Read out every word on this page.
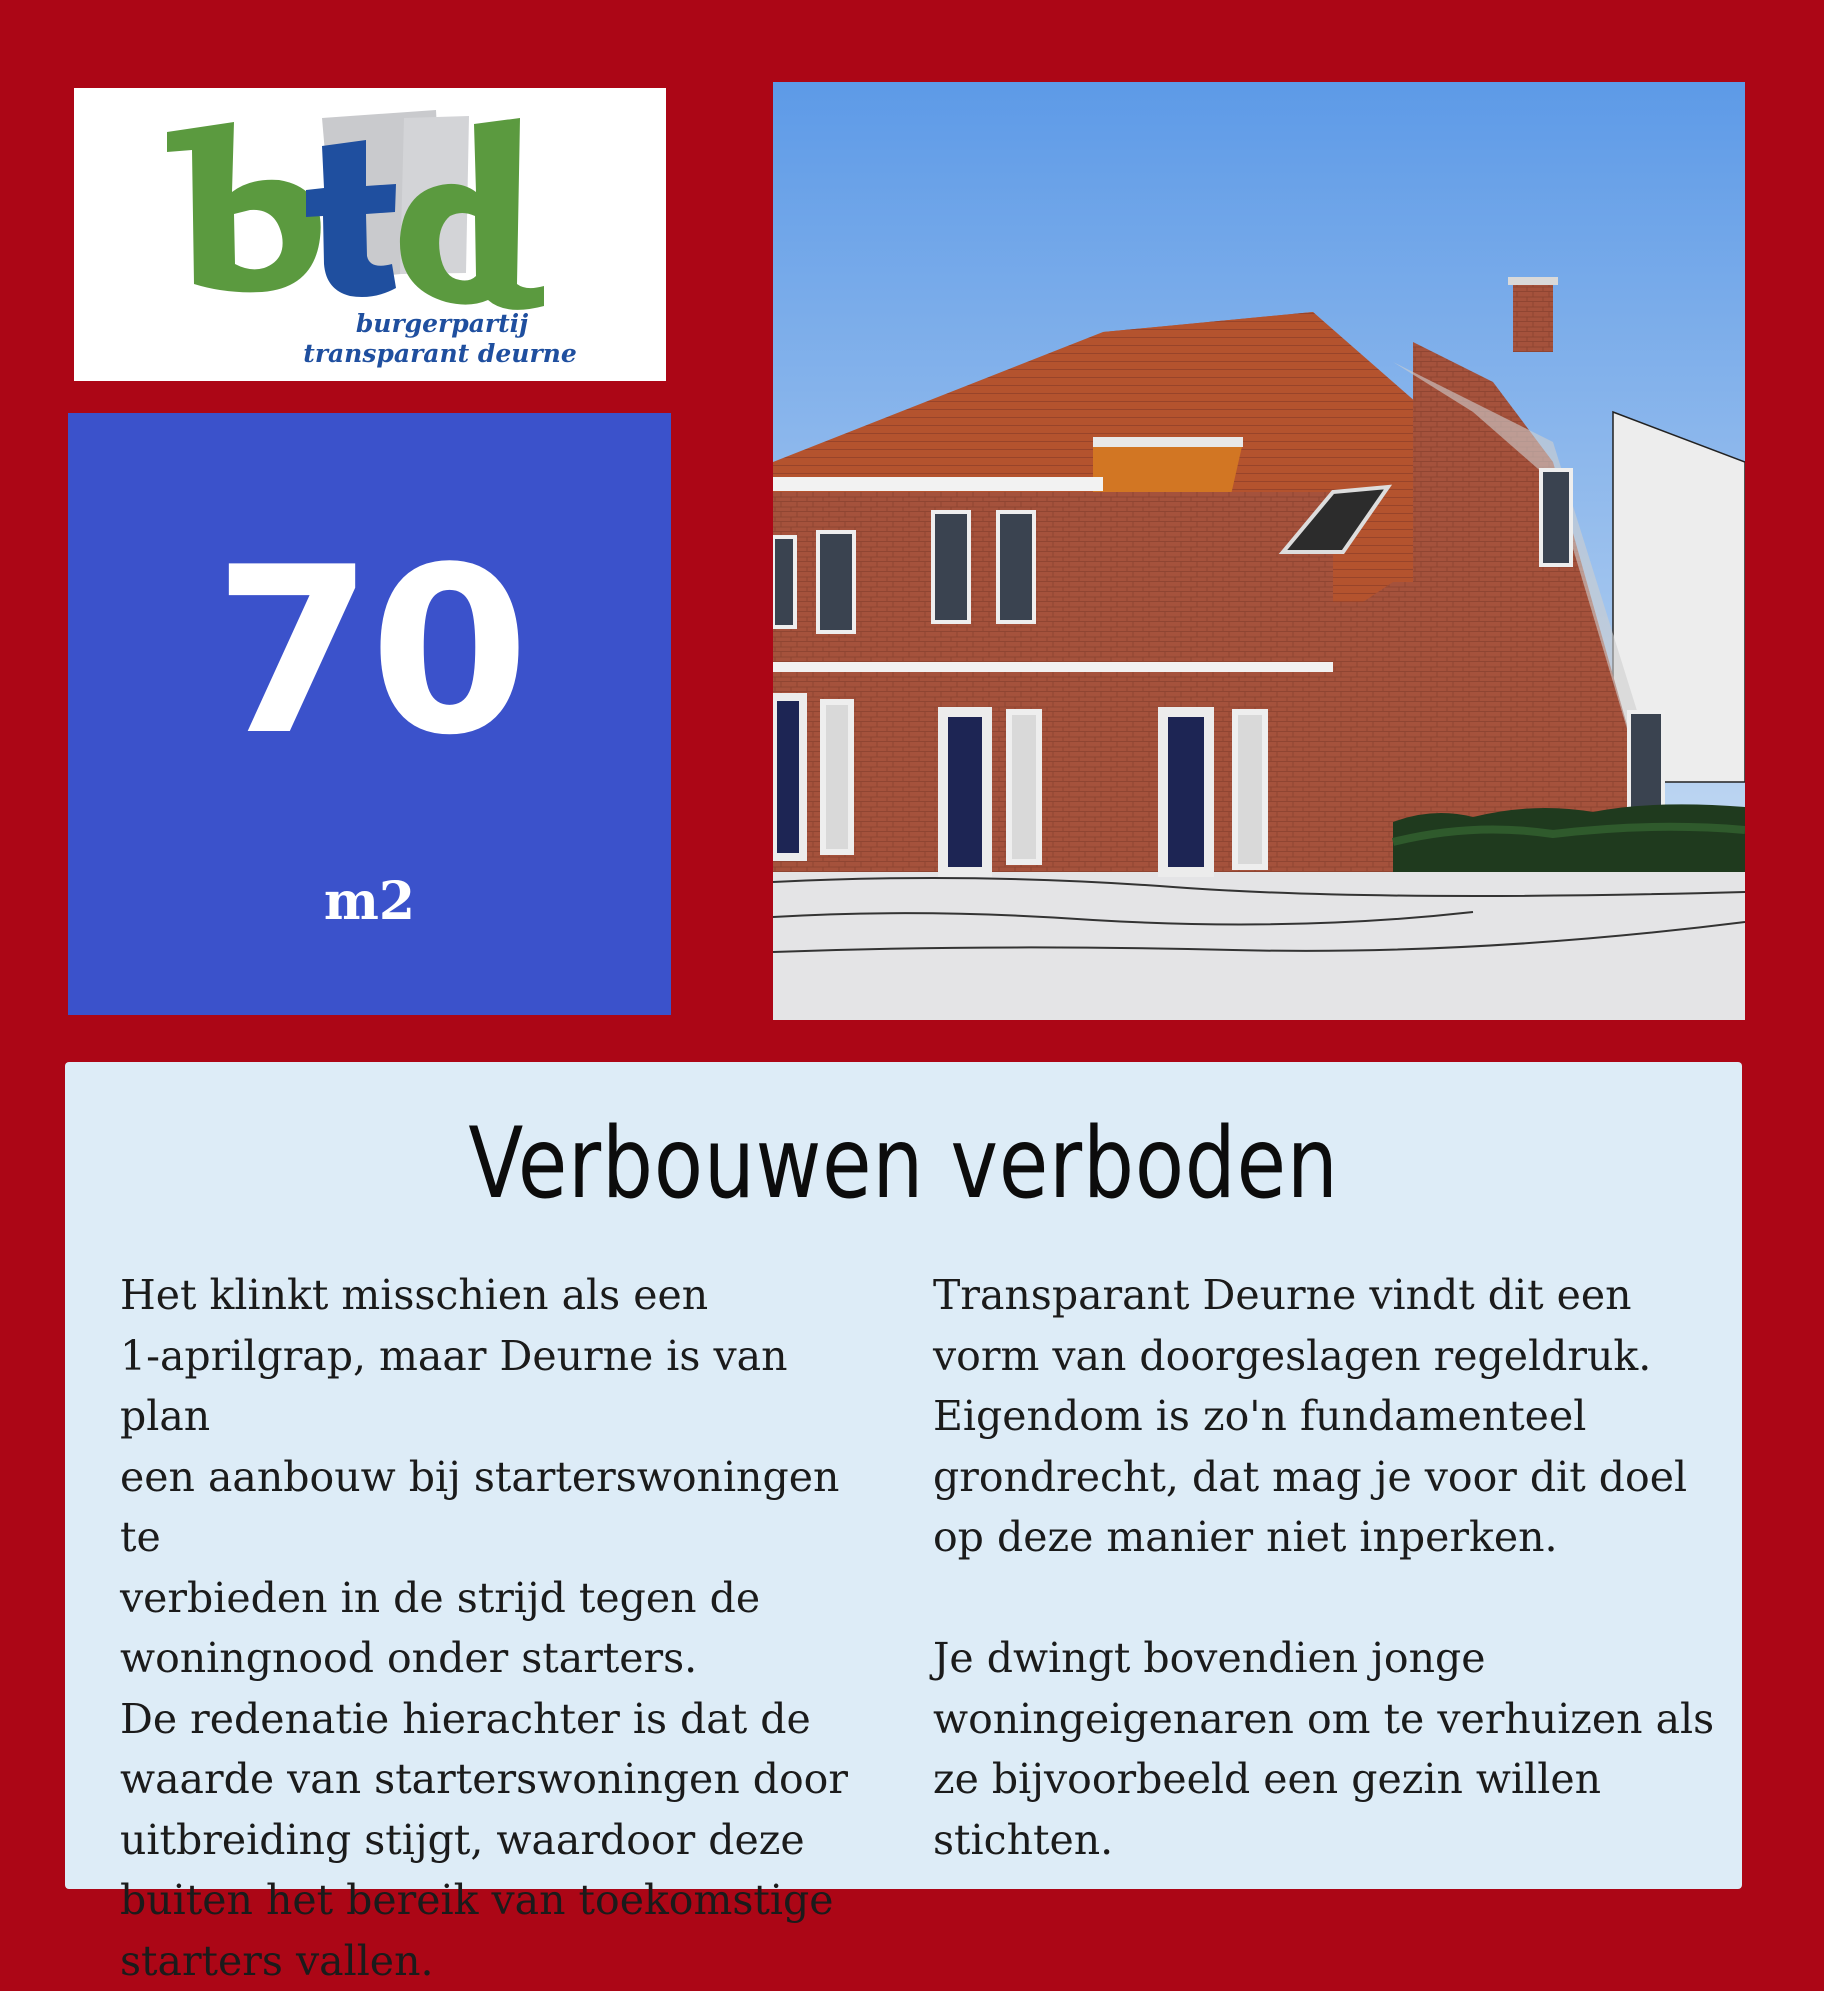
burgerpartij
transparant deurne
70
m2
Verbouwen verboden
Het klinkt misschien als een
1-aprilgrap, maar Deurne is van plan
een aanbouw bij starterswoningen te
verbieden in de strijd tegen de
woningnood onder starters.
De redenatie hierachter is dat de
waarde van starterswoningen door
uitbreiding stijgt, waardoor deze
buiten het bereik van toekomstige
starters vallen.
Transparant Deurne vindt dit een
vorm van doorgeslagen regeldruk.
Eigendom is zo'n fundamenteel
grondrecht, dat mag je voor dit doel
op deze manier niet inperken.

Je dwingt bovendien jonge
woningeigenaren om te verhuizen als
ze bijvoorbeeld een gezin willen
stichten.
